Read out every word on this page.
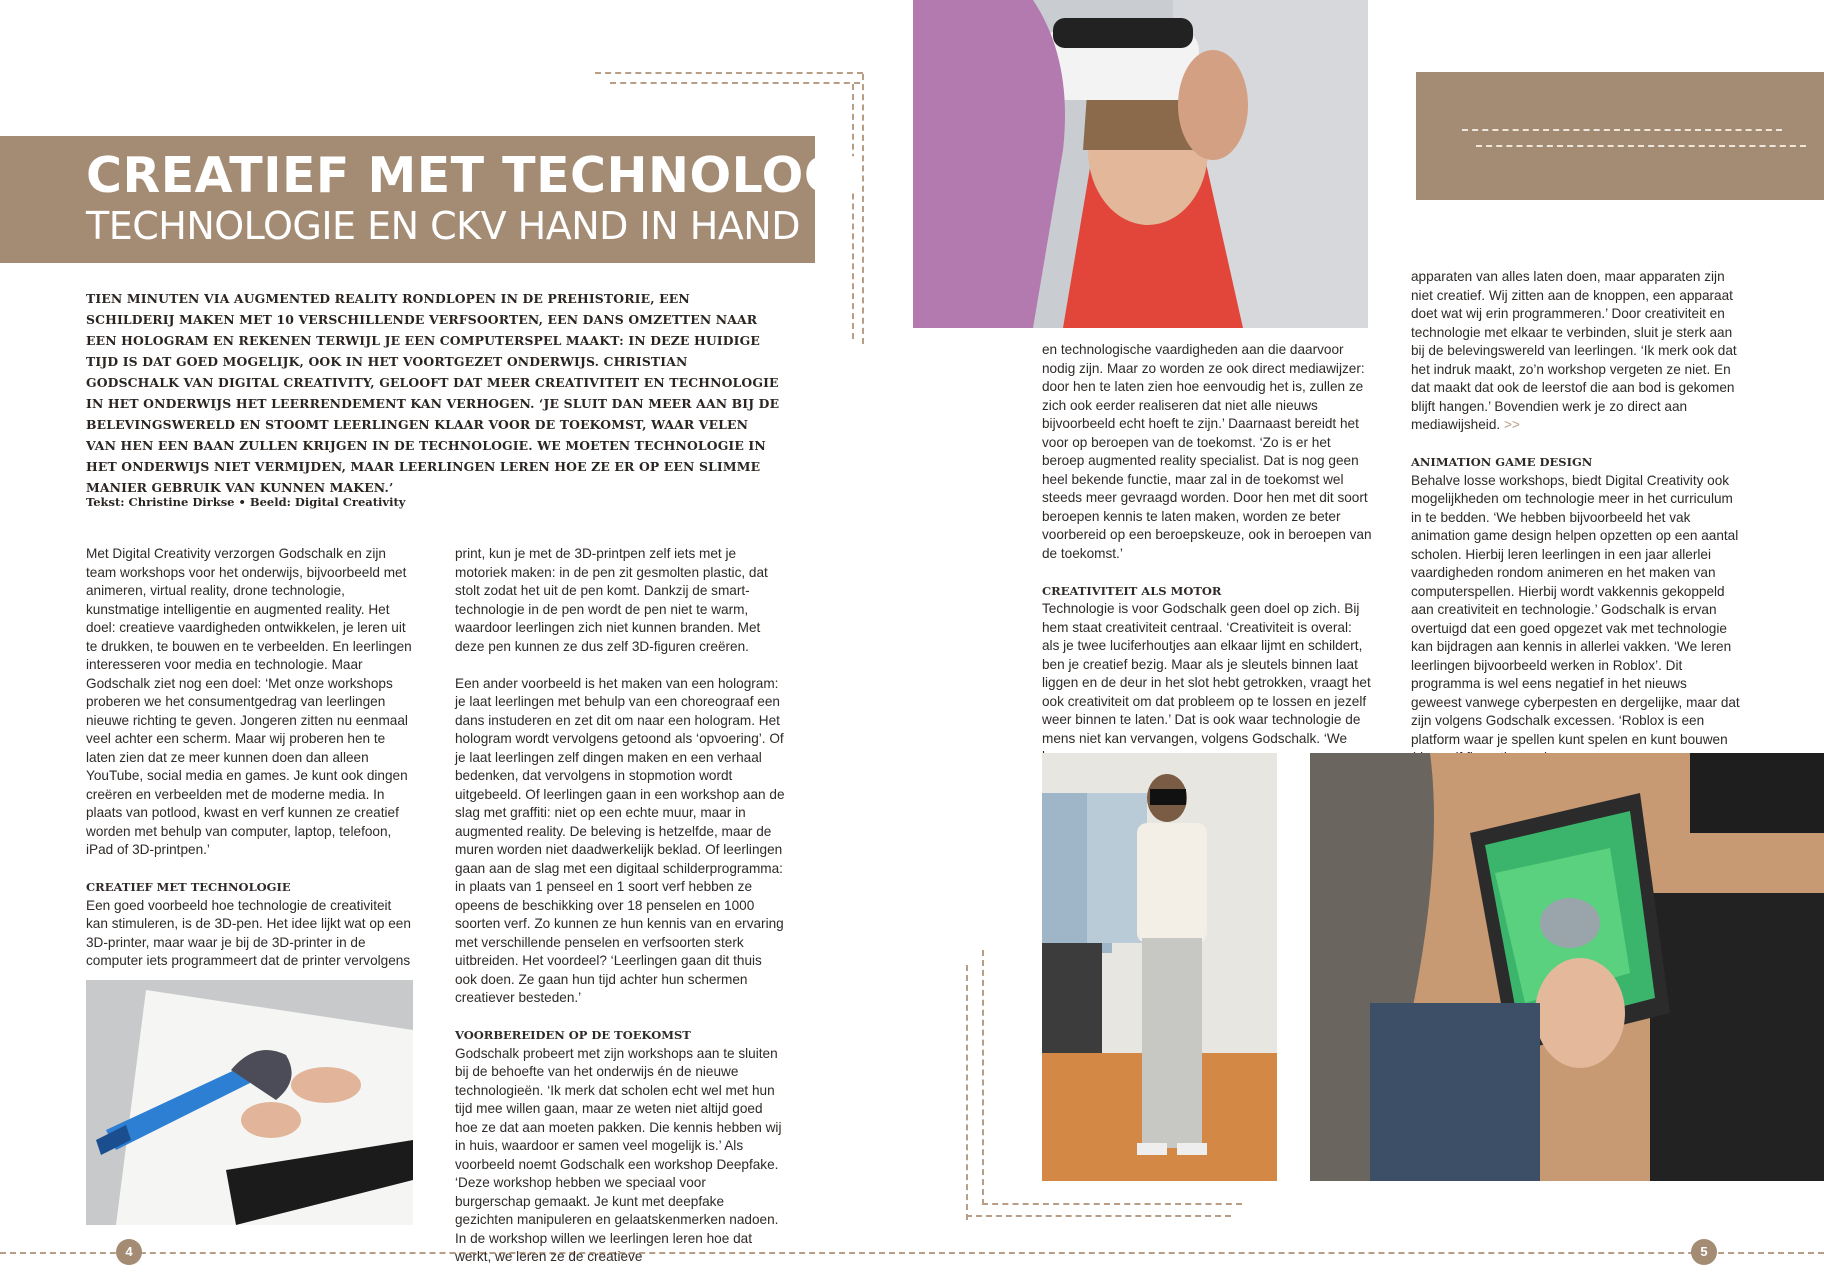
CREATIEF MET TECHNOLOGIE
TECHNOLOGIE EN CKV HAND IN HAND

TIEN MINUTEN VIA AUGMENTED REALITY RONDLOPEN IN DE PREHISTORIE, EEN SCHILDERIJ MAKEN MET 10 VERSCHILLENDE VERFSOORTEN, EEN DANS OMZETTEN NAAR EEN HOLOGRAM EN REKENEN TERWIJL JE EEN COMPUTERSPEL MAAKT: IN DEZE HUIDIGE TIJD IS DAT GOED MOGELIJK, OOK IN HET VOORTGEZET ONDERWIJS. CHRISTIAN GODSCHALK VAN DIGITAL CREATIVITY, GELOOFT DAT MEER CREATIVITEIT EN TECHNOLOGIE IN HET ONDERWIJS HET LEERRENDEMENT KAN VERHOGEN. ‘JE SLUIT DAN MEER AAN BIJ DE BELEVINGSWERELD EN STOOMT LEERLINGEN KLAAR VOOR DE TOEKOMST, WAAR VELEN VAN HEN EEN BAAN ZULLEN KRIJGEN IN DE TECHNOLOGIE. WE MOETEN TECHNOLOGIE IN HET ONDERWIJS NIET VERMIJDEN, MAAR LEERLINGEN LEREN HOE ZE ER OP EEN SLIMME MANIER GEBRUIK VAN KUNNEN MAKEN.’

Tekst: Christine Dirkse • Beeld: Digital Creativity

Met Digital Creativity verzorgen Godschalk en zijn team workshops voor het onderwijs, bijvoorbeeld met animeren, virtual reality, drone technologie, kunstmatige intelligentie en augmented reality. Het doel: creatieve vaardigheden ontwikkelen, je leren uit te drukken, te bouwen en te verbeelden. En leerlingen interesseren voor media en technologie. Maar Godschalk ziet nog een doel: ‘Met onze workshops proberen we het consumentgedrag van leerlingen nieuwe richting te geven. Jongeren zitten nu eenmaal veel achter een scherm. Maar wij proberen hen te laten zien dat ze meer kunnen doen dan alleen YouTube, social media en games. Je kunt ook dingen creëren en verbeelden met de moderne media. In plaats van potlood, kwast en verf kunnen ze creatief worden met behulp van computer, laptop, telefoon, iPad of 3D-printpen.’

CREATIEF MET TECHNOLOGIE

Een goed voorbeeld hoe technologie de creativiteit kan stimuleren, is de 3D-pen. Het idee lijkt wat op een 3D-printer, maar waar je bij de 3D-printer in de computer iets programmeert dat de printer vervolgens

print, kun je met de 3D-printpen zelf iets met je motoriek maken: in de pen zit gesmolten plastic, dat stolt zodat het uit de pen komt. Dankzij de smart-technologie in de pen wordt de pen niet te warm, waardoor leerlingen zich niet kunnen branden. Met deze pen kunnen ze dus zelf 3D-figuren creëren.

Een ander voorbeeld is het maken van een hologram: je laat leerlingen met behulp van een choreograaf een dans instuderen en zet dit om naar een hologram. Het hologram wordt vervolgens getoond als ‘opvoering’. Of je laat leerlingen zelf dingen maken en een verhaal bedenken, dat vervolgens in stopmotion wordt uitgebeeld. Of leerlingen gaan in een workshop aan de slag met graffiti: niet op een echte muur, maar in augmented reality. De beleving is hetzelfde, maar de muren worden niet daadwerkelijk beklad. Of leerlingen gaan aan de slag met een digitaal schilderprogramma: in plaats van 1 penseel en 1 soort verf hebben ze opeens de beschikking over 18 penselen en 1000 soorten verf. Zo kunnen ze hun kennis van en ervaring met verschillende penselen en verfsoorten sterk uitbreiden. Het voordeel? ‘Leerlingen gaan dit thuis ook doen. Ze gaan hun tijd achter hun schermen creatiever besteden.’

VOORBEREIDEN OP DE TOEKOMST

Godschalk probeert met zijn workshops aan te sluiten bij de behoefte van het onderwijs én de nieuwe technologieën. ‘Ik merk dat scholen echt wel met hun tijd mee willen gaan, maar ze weten niet altijd goed hoe ze dat aan moeten pakken. Die kennis hebben wij in huis, waardoor er samen veel mogelijk is.’ Als voorbeeld noemt Godschalk een workshop Deepfake. ‘Deze workshop hebben we speciaal voor burgerschap gemaakt. Je kunt met deepfake gezichten manipuleren en gelaatskenmerken nadoen. In de workshop willen we leerlingen leren hoe dat werkt, we leren ze de creatieve

en technologische vaardigheden aan die daarvoor nodig zijn. Maar zo worden ze ook direct mediawijzer: door hen te laten zien hoe eenvoudig het is, zullen ze zich ook eerder realiseren dat niet alle nieuws bijvoorbeeld echt hoeft te zijn.’ Daarnaast bereidt het voor op beroepen van de toekomst. ‘Zo is er het beroep augmented reality specialist. Dat is nog geen heel bekende functie, maar zal in de toekomst wel steeds meer gevraagd worden. Door hen met dit soort beroepen kennis te laten maken, worden ze beter voorbereid op een beroepskeuze, ook in beroepen van de toekomst.’

CREATIVITEIT ALS MOTOR

Technologie is voor Godschalk geen doel op zich. Bij hem staat creativiteit centraal. ‘Creativiteit is overal: als je twee luciferhoutjes aan elkaar lijmt en schildert, ben je creatief bezig. Maar als je sleutels binnen laat liggen en de deur in het slot hebt getrokken, vraagt het ook creativiteit om dat probleem op te lossen en jezelf weer binnen te laten.’ Dat is ook waar technologie de mens niet kan vervangen, volgens Godschalk. ‘We

apparaten van alles laten doen, maar apparaten zijn niet creatief. Wij zitten aan de knoppen, een apparaat doet wat wij erin programmeren.’ Door creativiteit en technologie met elkaar te verbinden, sluit je sterk aan bij de belevingswereld van leerlingen. ‘Ik merk ook dat het indruk maakt, zo’n workshop vergeten ze niet. En dat maakt dat ook de leerstof die aan bod is gekomen blijft hangen.’ Bovendien werk je zo direct aan mediawijsheid. >>

ANIMATION GAME DESIGN

Behalve losse workshops, biedt Digital Creativity ook mogelijkheden om technologie meer in het curriculum in te bedden. ‘We hebben bijvoorbeeld het vak animation game design helpen opzetten op een aantal scholen. Hierbij leren leerlingen in een jaar allerlei vaardigheden rondom animeren en het maken van computerspellen. Hierbij wordt vakkennis gekoppeld aan creativiteit en technologie.’ Godschalk is ervan overtuigd dat een goed opgezet vak met technologie kan bijdragen aan kennis in allerlei vakken. ‘We leren leerlingen bijvoorbeeld werken in Roblox’. Dit programma is wel eens negatief in het nieuws geweest vanwege cyberpesten en dergelijke, maar dat zijn volgens Godschalk excessen. ‘Roblox is een platform waar je spellen kunt spelen en kunt bouwen

4	5
